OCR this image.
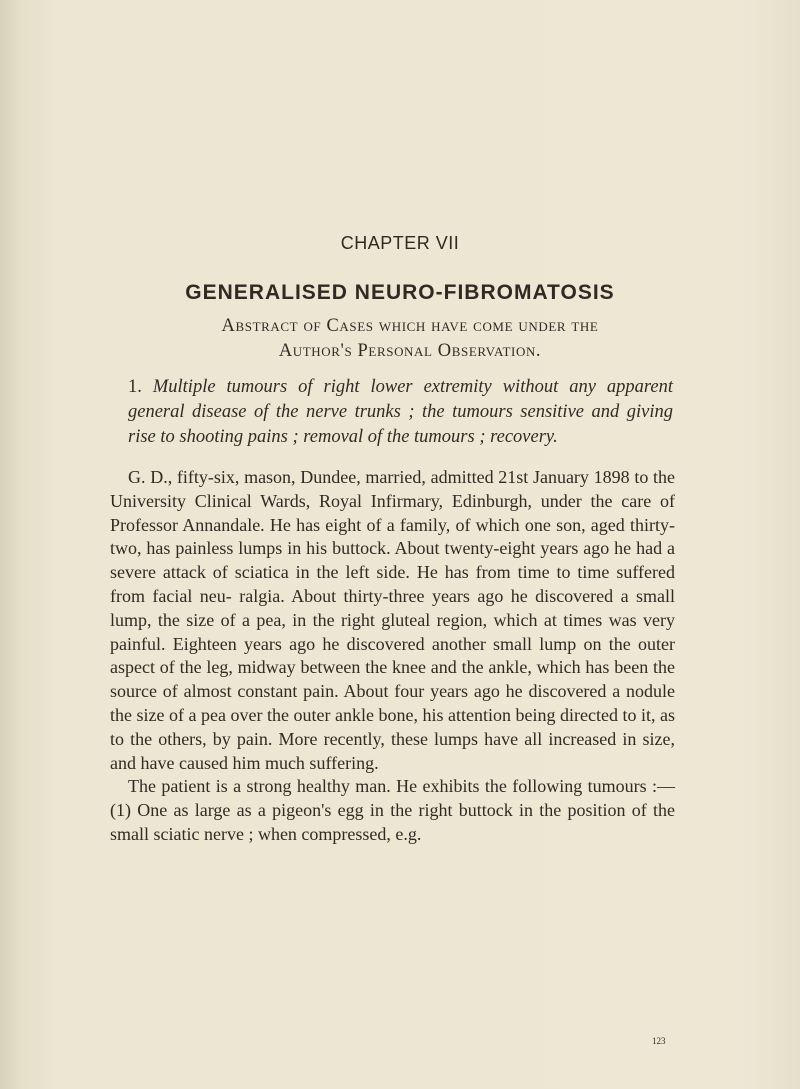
CHAPTER VII
GENERALISED NEURO-FIBROMATOSIS
Abstract of Cases which have come under the Author's Personal Observation.
1. Multiple tumours of right lower extremity without any apparent general disease of the nerve trunks ; the tumours sensitive and giving rise to shooting pains ; removal of the tumours ; recovery.

G. D., fifty-six, mason, Dundee, married, admitted 21st January 1898 to the University Clinical Wards, Royal Infirmary, Edinburgh, under the care of Professor Annandale. He has eight of a family, of which one son, aged thirty-two, has painless lumps in his buttock. About twenty-eight years ago he had a severe attack of sciatica in the left side. He has from time to time suffered from facial neu- ralgia. About thirty-three years ago he discovered a small lump, the size of a pea, in the right gluteal region, which at times was very painful. Eighteen years ago he discovered another small lump on the outer aspect of the leg, midway between the knee and the ankle, which has been the source of almost constant pain. About four years ago he discovered a nodule the size of a pea over the outer ankle bone, his attention being directed to it, as to the others, by pain. More recently, these lumps have all increased in size, and have caused him much suffering.

The patient is a strong healthy man. He exhibits the following tumours :—(1) One as large as a pigeon's egg in the right buttock in the position of the small sciatic nerve ; when compressed, e.g.

123
